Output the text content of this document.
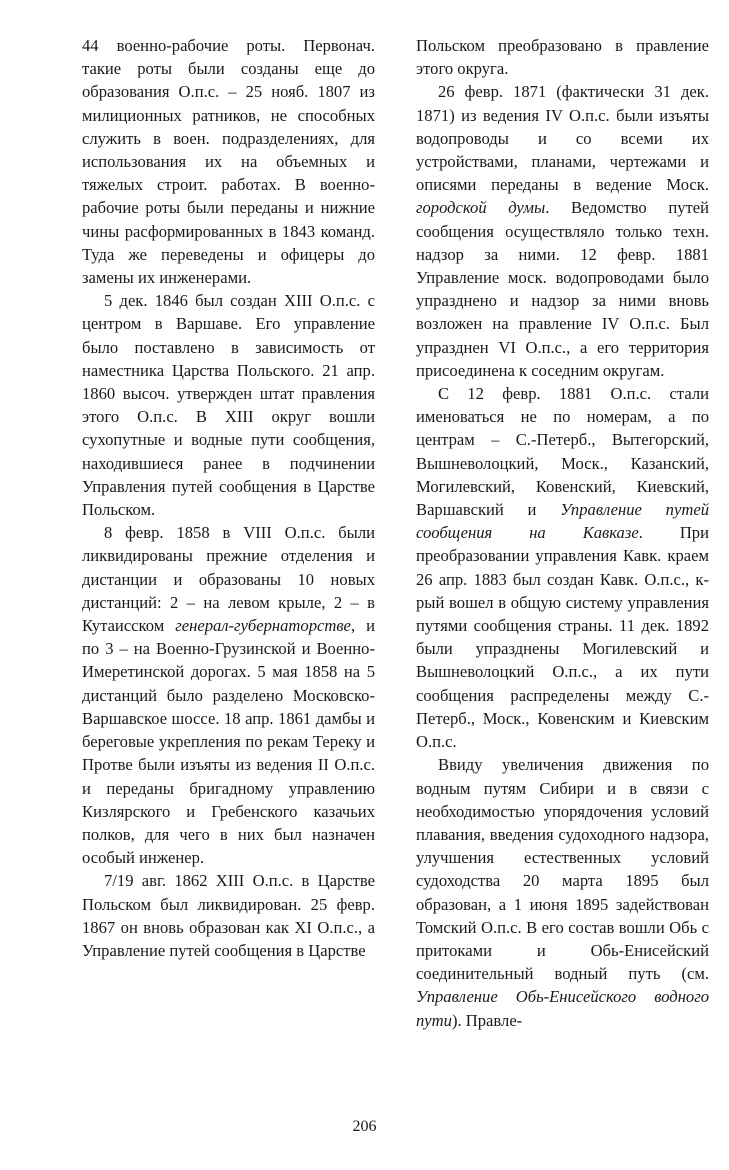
44 военно-рабочие роты. Первонач. такие роты были созданы еще до образования О.п.с. – 25 нояб. 1807 из милиционных ратников, не способных служить в воен. подразделениях, для использования их на объемных и тяжелых строит. работах. В военно-рабочие роты были переданы и нижние чины расформированных в 1843 команд. Туда же переведены и офицеры до замены их инженерами.

5 дек. 1846 был создан XIII О.п.с. с центром в Варшаве. Его управление было поставлено в зависимость от наместника Царства Польского. 21 апр. 1860 высоч. утвержден штат правления этого О.п.с. В XIII округ вошли сухопутные и водные пути сообщения, находившиеся ранее в подчинении Управления путей сообщения в Царстве Польском.

8 февр. 1858 в VIII О.п.с. были ликвидированы прежние отделения и дистанции и образованы 10 новых дистанций: 2 – на левом крыле, 2 – в Кутаисском генерал-губернаторстве, и по 3 – на Военно-Грузинской и Военно-Имеретинской дорогах. 5 мая 1858 на 5 дистанций было разделено Московско-Варшавское шоссе. 18 апр. 1861 дамбы и береговые укрепления по рекам Тереку и Протве были изъяты из ведения II О.п.с. и переданы бригадному управлению Кизлярского и Гребенского казачьих полков, для чего в них был назначен особый инженер.

7/19 авг. 1862 XIII О.п.с. в Царстве Польском был ликвидирован. 25 февр. 1867 он вновь образован как XI О.п.с., а Управление путей сообщения в Царстве

Польском преобразовано в правление этого округа.

26 февр. 1871 (фактически 31 дек. 1871) из ведения IV О.п.с. были изъяты водопроводы и со всеми их устройствами, планами, чертежами и описями переданы в ведение Моск. городской думы. Ведомство путей сообщения осуществляло только техн. надзор за ними. 12 февр. 1881 Управление моск. водопроводами было упразднено и надзор за ними вновь возложен на правление IV О.п.с. Был упразднен VI О.п.с., а его территория присоединена к соседним округам.

С 12 февр. 1881 О.п.с. стали именоваться не по номерам, а по центрам – С.-Петерб., Вытегорский, Вышневолоцкий, Моск., Казанский, Могилевский, Ковенский, Киевский, Варшавский и Управление путей сообщения на Кавказе. При преобразовании управления Кавк. краем 26 апр. 1883 был создан Кавк. О.п.с., к-рый вошел в общую систему управления путями сообщения страны. 11 дек. 1892 были упразднены Могилевский и Вышневолоцкий О.п.с., а их пути сообщения распределены между С.-Петерб., Моск., Ковенским и Киевским О.п.с.

Ввиду увеличения движения по водным путям Сибири и в связи с необходимостью упорядочения условий плавания, введения судоходного надзора, улучшения естественных условий судоходства 20 марта 1895 был образован, а 1 июня 1895 задействован Томский О.п.с. В его состав вошли Обь с притоками и Обь-Енисейский соединительный водный путь (см. Управление Обь-Енисейского водного пути). Правле-

206
